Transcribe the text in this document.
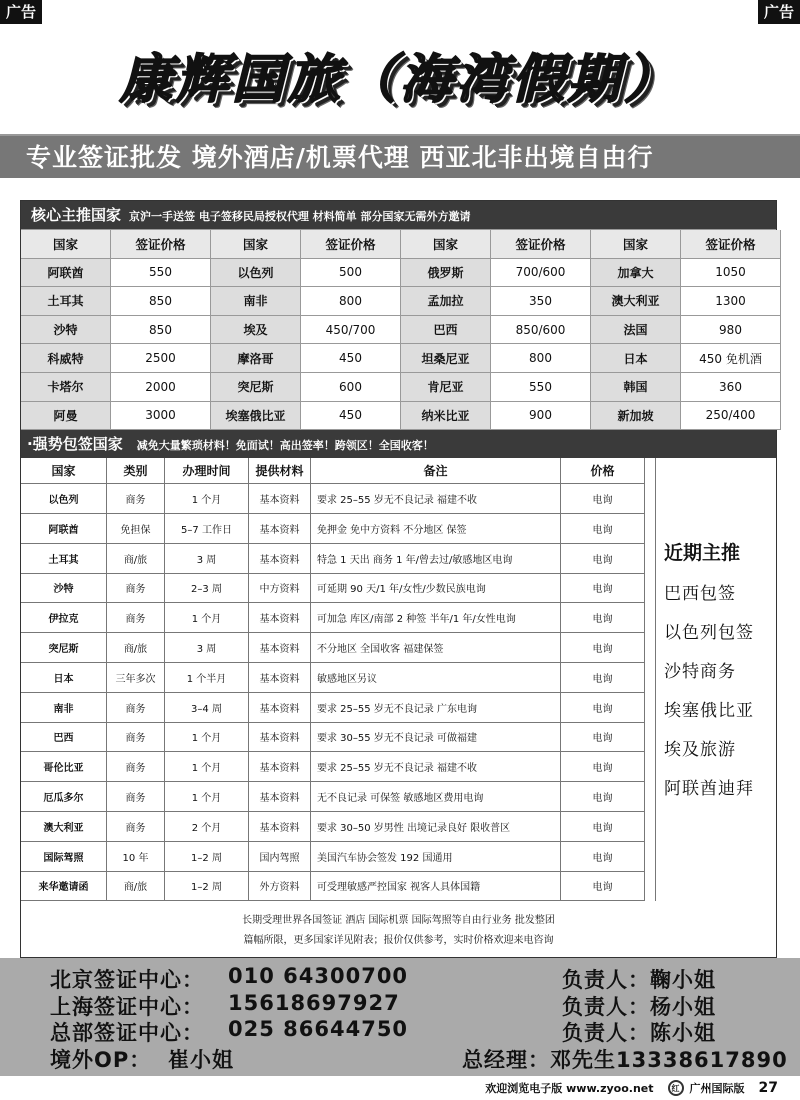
广告	广告
康辉国旅（海湾假期）
专业签证批发 境外酒店/机票代理 西亚北非出境自由行
核心主推国家 京沪一手送签 电子签移民局授权代理 材料简单 部分国家无需外方邀请
国家	签证价格	国家	签证价格	国家	签证价格	国家	签证价格
阿联酋	550	以色列	500	俄罗斯	700/600	加拿大	1050
土耳其	850	南非	800	孟加拉	350	澳大利亚	1300
沙特	850	埃及	450/700	巴西	850/600	法国	980
科威特	2500	摩洛哥	450	坦桑尼亚	800	日本	450 免机酒
卡塔尔	2000	突尼斯	600	肯尼亚	550	韩国	360
阿曼	3000	埃塞俄比亚	450	纳米比亚	900	新加坡	250/400
·强势包签国家 减免大量繁琐材料！免面试！高出签率！跨领区！全国收客！
国家	类别	办理时间	提供材料	备注	价格
以色列	商务	1 个月	基本资料	要求 25–55 岁无不良记录 福建不收	电询
阿联酋	免担保	5–7 工作日	基本资料	免押金 免中方资料 不分地区 保签	电询
土耳其	商/旅	3 周	基本资料	特急 1 天出 商务 1 年/曾去过/敏感地区电询	电询
沙特	商务	2–3 周	中方资料	可延期 90 天/1 年/女性/少数民族电询	电询
伊拉克	商务	1 个月	基本资料	可加急 库区/南部 2 种签 半年/1 年/女性电询	电询
突尼斯	商/旅	3 周	基本资料	不分地区 全国收客 福建保签	电询
日本	三年多次	1 个半月	基本资料	敏感地区另议	电询
南非	商务	3–4 周	基本资料	要求 25–55 岁无不良记录 广东电询	电询
巴西	商务	1 个月	基本资料	要求 30–55 岁无不良记录 可做福建	电询
哥伦比亚	商务	1 个月	基本资料	要求 25–55 岁无不良记录 福建不收	电询
厄瓜多尔	商务	1 个月	基本资料	无不良记录 可保签 敏感地区费用电询	电询
澳大利亚	商务	2 个月	基本资料	要求 30–50 岁男性 出境记录良好 限收普区	电询
国际驾照	10 年	1–2 周	国内驾照	美国汽车协会签发 192 国通用	电询
来华邀请函	商/旅	1–2 周	外方资料	可受理敏感严控国家 视客人具体国籍	电询
近期主推
巴西包签
以色列包签
沙特商务
埃塞俄比亚
埃及旅游
阿联酋迪拜
长期受理世界各国签证 酒店 国际机票 国际驾照等自由行业务 批发整团
篇幅所限，更多国家详见附表；报价仅供参考，实时价格欢迎来电咨询
北京签证中心：	010 64300700	负责人：鞠小姐
上海签证中心：	15618697927	负责人：杨小姐
总部签证中心：	025 86644750	负责人：陈小姐
境外OP： 崔小姐	总经理：邓先生13338617890
欢迎浏览电子版 www.zyoo.net	红 广州国际版 27
